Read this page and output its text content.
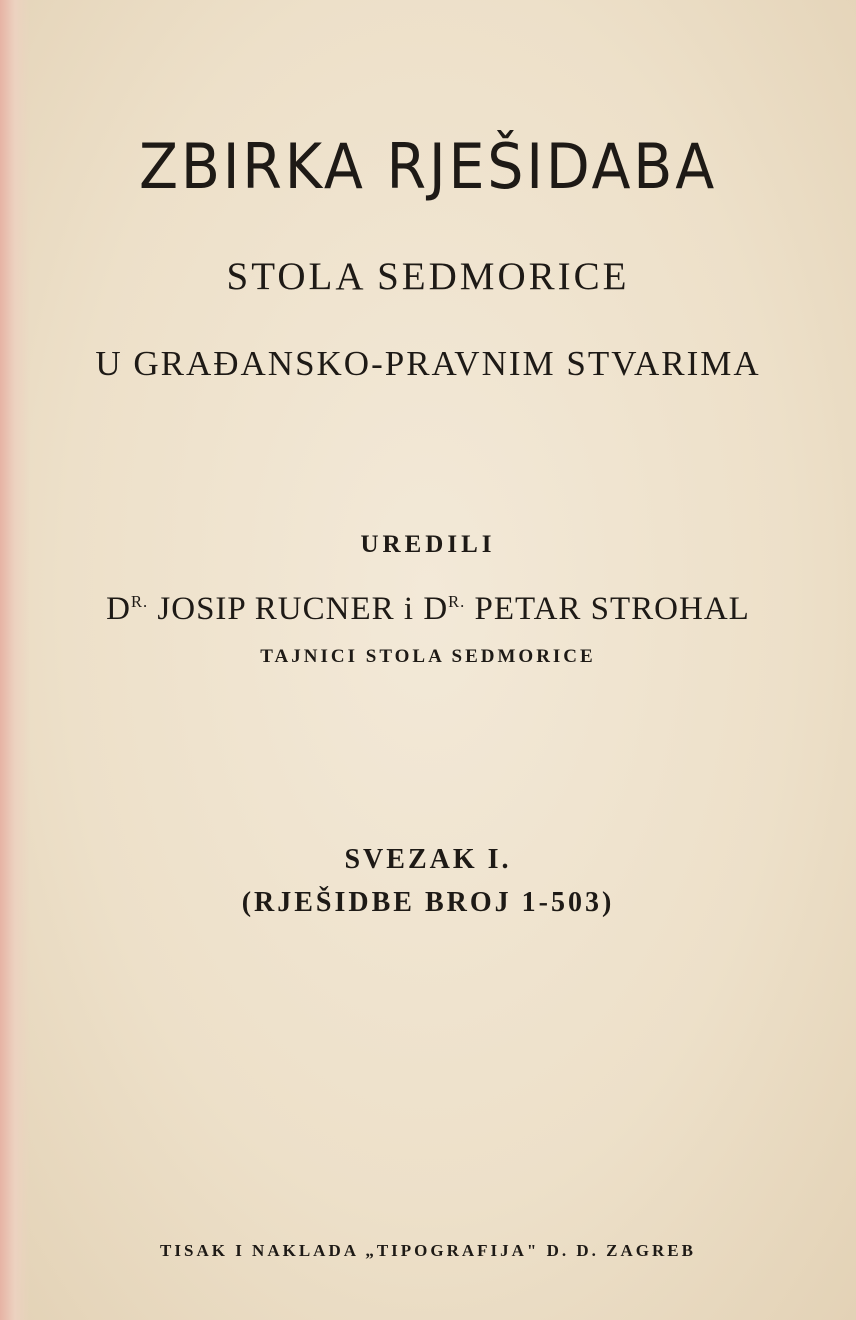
ZBIRKA RJEŠIDABA
STOLA SEDMORICE
U GRAĐANSKO-PRAVNIM STVARIMA
UREDILI
$D^{R.}$ JOSIP RUCNER i $D^{R.}$ PETAR STROHAL
TAJNICI STOLA SEDMORICE
SVEZAK I.
(RJEŠIDBE BROJ 1-503)
TISAK I NAKLADA „TIPOGRAFIJA" D. D. ZAGREB
